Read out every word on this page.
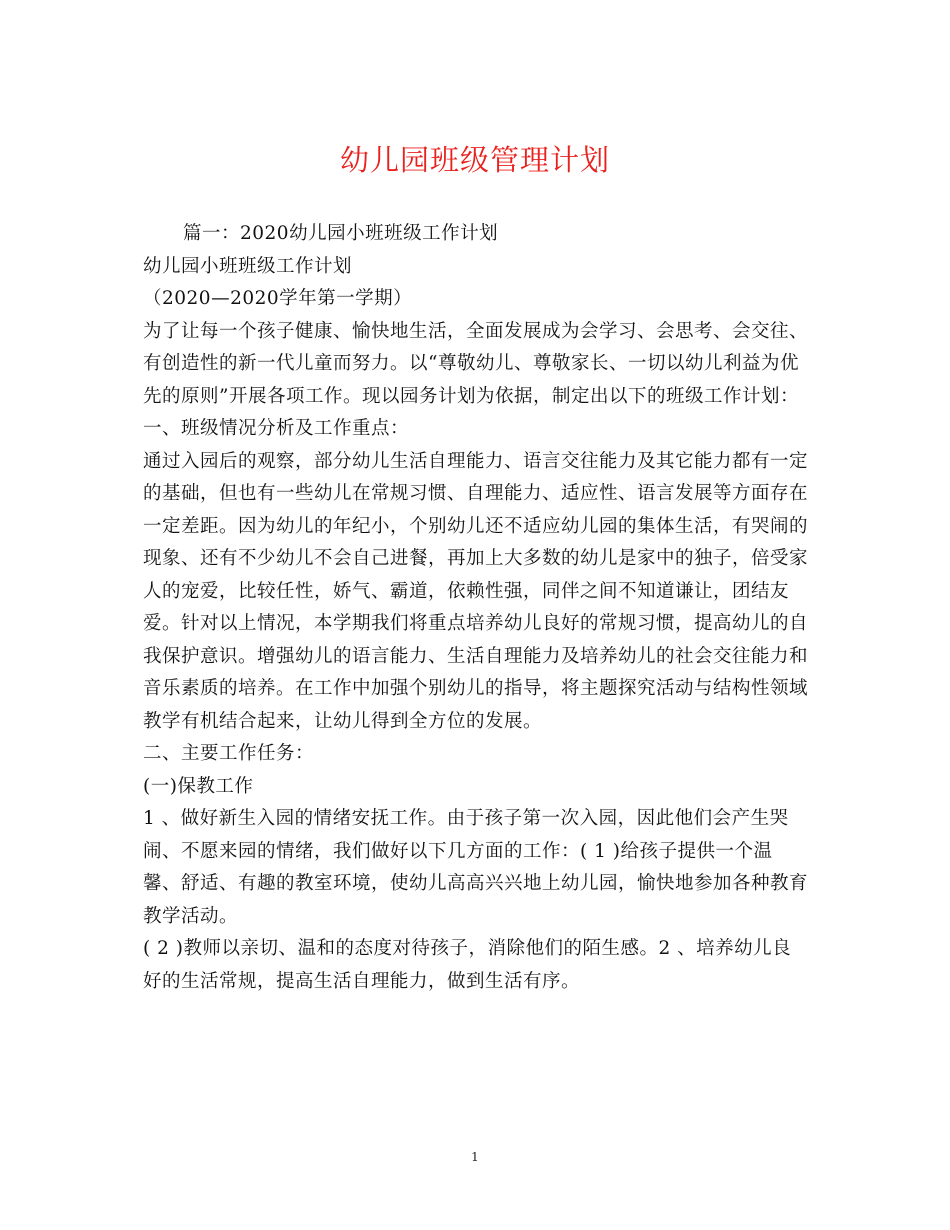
幼儿园班级管理计划

篇一：2020幼儿园小班班级工作计划

幼儿园小班班级工作计划

（2020—2020学年第一学期）

为了让每一个孩子健康、愉快地生活，全面发展成为会学习、会思考、会交往、有创造性的新一代儿童而努力。以“尊敬幼儿、尊敬家长、一切以幼儿利益为优先的原则”开展各项工作。现以园务计划为依据，制定出以下的班级工作计划：

一、班级情况分析及工作重点：

通过入园后的观察，部分幼儿生活自理能力、语言交往能力及其它能力都有一定的基础，但也有一些幼儿在常规习惯、自理能力、适应性、语言发展等方面存在一定差距。因为幼儿的年纪小，个别幼儿还不适应幼儿园的集体生活，有哭闹的现象、还有不少幼儿不会自己进餐，再加上大多数的幼儿是家中的独子，倍受家人的宠爱，比较任性，娇气、霸道，依赖性强，同伴之间不知道谦让，团结友爱。针对以上情况，本学期我们将重点培养幼儿良好的常规习惯，提高幼儿的自我保护意识。增强幼儿的语言能力、生活自理能力及培养幼儿的社会交往能力和音乐素质的培养。在工作中加强个别幼儿的指导，将主题探究活动与结构性领域教学有机结合起来，让幼儿得到全方位的发展。

二、主要工作任务：

(一)保教工作

1 、做好新生入园的情绪安抚工作。由于孩子第一次入园，因此他们会产生哭闹、不愿来园的情绪，我们做好以下几方面的工作：( 1 )给孩子提供一个温馨、舒适、有趣的教室环境，使幼儿高高兴兴地上幼儿园，愉快地参加各种教育教学活动。

( 2 )教师以亲切、温和的态度对待孩子，消除他们的陌生感。2 、培养幼儿良好的生活常规，提高生活自理能力，做到生活有序。

1
